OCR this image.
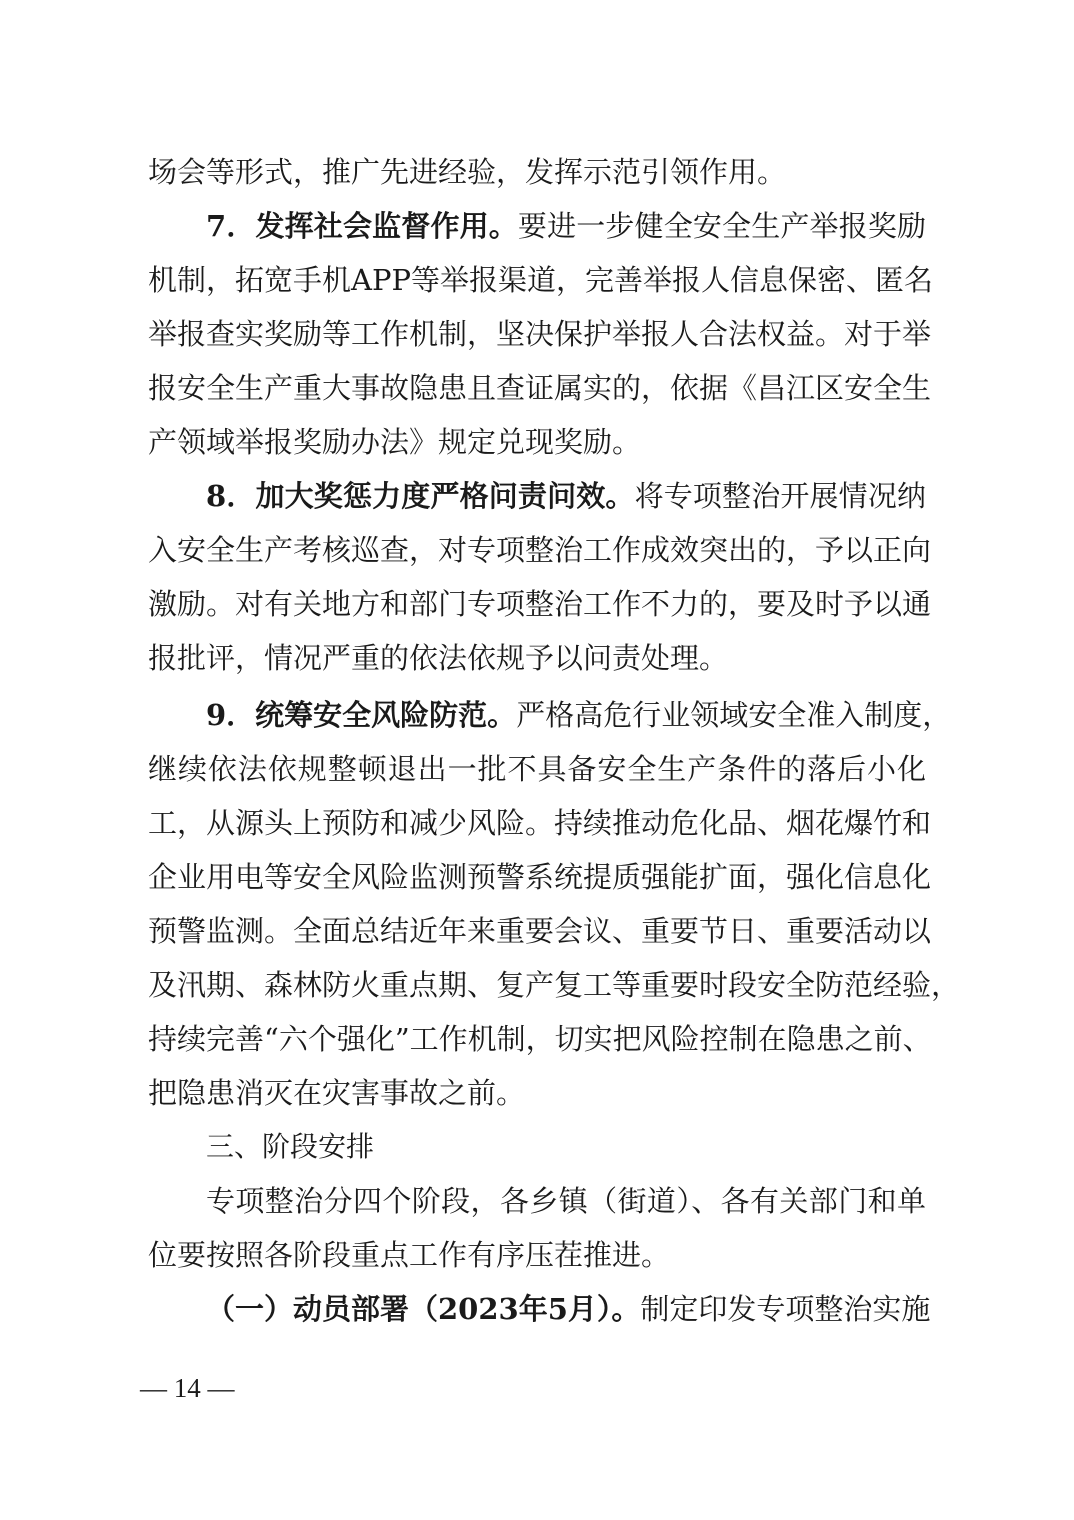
场会等形式，推广先进经验，发挥示范引领作用。
7．发挥社会监督作用。要进一步健全安全生产举报奖励
机制，拓宽手机APP等举报渠道，完善举报人信息保密、匿名
举报查实奖励等工作机制，坚决保护举报人合法权益。对于举
报安全生产重大事故隐患且查证属实的，依据《昌江区安全生
产领域举报奖励办法》规定兑现奖励。
8．加大奖惩力度严格问责问效。将专项整治开展情况纳
入安全生产考核巡查，对专项整治工作成效突出的，予以正向
激励。对有关地方和部门专项整治工作不力的，要及时予以通
报批评，情况严重的依法依规予以问责处理。
9．统筹安全风险防范。严格高危行业领域安全准入制度，
继续依法依规整顿退出一批不具备安全生产条件的落后小化
工，从源头上预防和减少风险。持续推动危化品、烟花爆竹和
企业用电等安全风险监测预警系统提质强能扩面，强化信息化
预警监测。全面总结近年来重要会议、重要节日、重要活动以
及汛期、森林防火重点期、复产复工等重要时段安全防范经验，
持续完善“六个强化”工作机制，切实把风险控制在隐患之前、
把隐患消灭在灾害事故之前。
三、阶段安排
专项整治分四个阶段，各乡镇（街道）、各有关部门和单
位要按照各阶段重点工作有序压茬推进。
（一）动员部署（2023年5月）。制定印发专项整治实施
— 14 —
